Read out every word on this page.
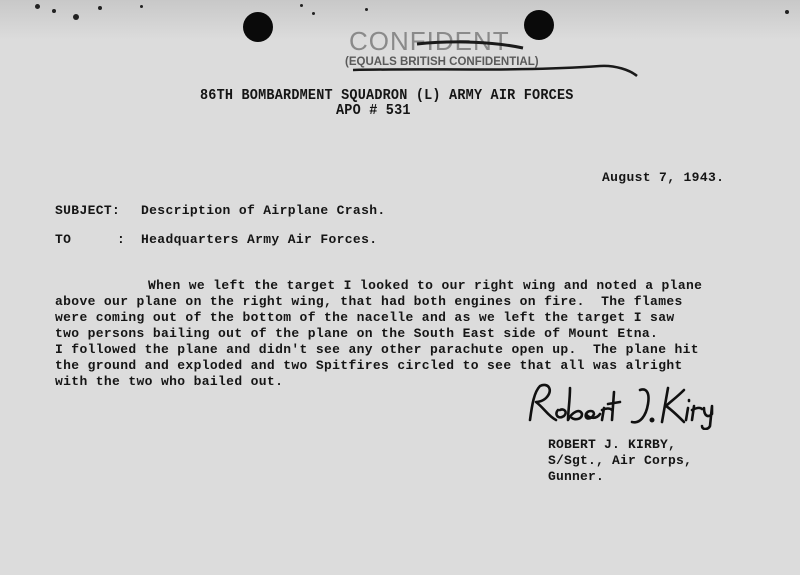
CONFIDENT
(EQUALS BRITISH CONFIDENTIAL)
86TH BOMBARDMENT SQUADRON (L) ARMY AIR FORCES
APO # 531
August 7, 1943.
SUBJECT: Description of Airplane Crash.
TO	: Headquarters Army Air Forces.
When we left the target I looked to our right wing and noted a plane
above our plane on the right wing, that had both engines on fire.  The flames
were coming out of the bottom of the nacelle and as we left the target I saw
two persons bailing out of the plane on the South East side of Mount Etna.
I followed the plane and didn't see any other parachute open up.  The plane hit
the ground and exploded and two Spitfires circled to see that all was alright
with the two who bailed out.
ROBERT J. KIRBY,
S/Sgt., Air Corps,
Gunner.
